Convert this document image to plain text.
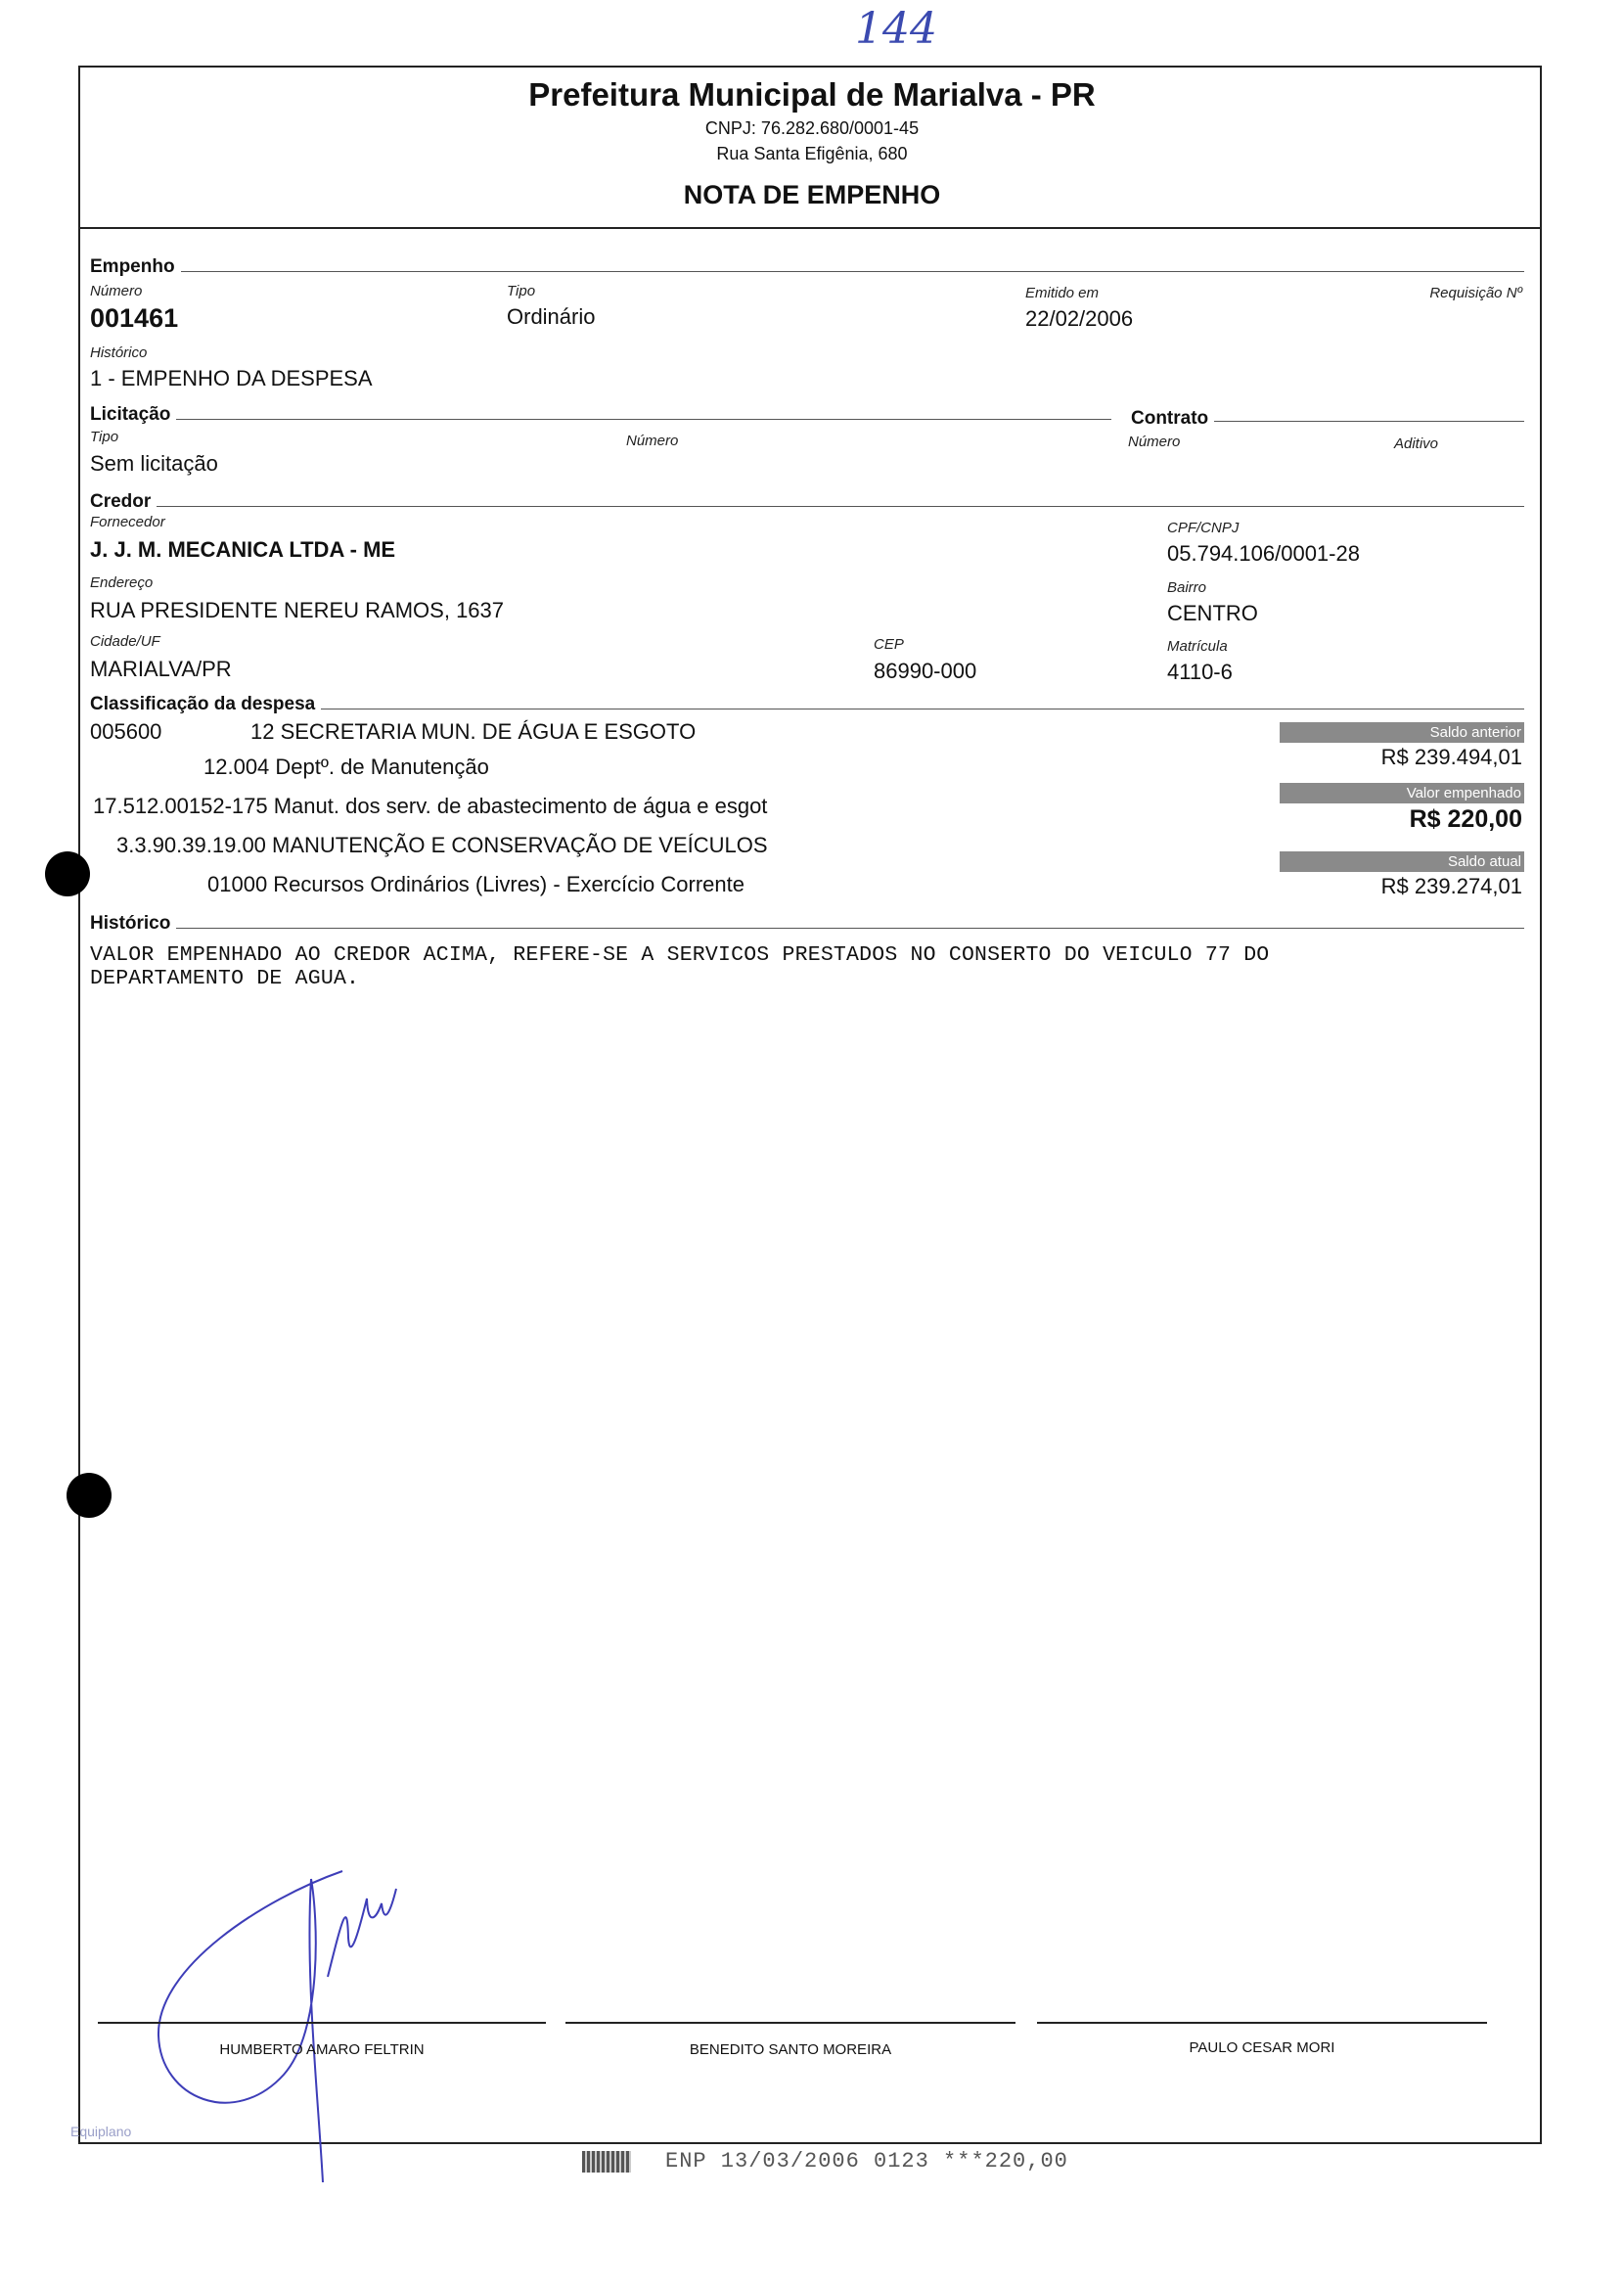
144
Prefeitura Municipal de Marialva - PR
CNPJ: 76.282.680/0001-45
Rua Santa Efigênia, 680
NOTA DE EMPENHO
Empenho
Número
001461
Tipo
Ordinário
Emitido em
22/02/2006
Requisição Nº
Histórico
1 - EMPENHO DA DESPESA
Licitação
Tipo
Sem licitação
Número
Contrato
Número	Aditivo
Credor
Fornecedor
J. J. M. MECANICA LTDA - ME
CPF/CNPJ
05.794.106/0001-28
Endereço
RUA PRESIDENTE NEREU RAMOS, 1637
Bairro
CENTRO
Cidade/UF
MARIALVA/PR
CEP
86990-000
Matrícula
4110-6
Classificação da despesa
005600	12 SECRETARIA MUN. DE ÁGUA E ESGOTO
12.004 Deptº. de Manutenção
17.512.00152-175 Manut. dos serv. de abastecimento de água e esgot
3.3.90.39.19.00 MANUTENÇÃO E CONSERVAÇÃO DE VEÍCULOS
01000 Recursos Ordinários (Livres) - Exercício Corrente
Saldo anterior
R$ 239.494,01
Valor empenhado
R$ 220,00
Saldo atual
R$ 239.274,01
Histórico
VALOR EMPENHADO AO CREDOR ACIMA, REFERE-SE A SERVICOS PRESTADOS NO CONSERTO DO VEICULO 77 DO
DEPARTAMENTO DE AGUA.
HUMBERTO AMARO FELTRIN	BENEDITO SANTO MOREIRA	PAULO CESAR MORI
Equiplano
ENP 13/03/2006 0123 ***220,00
